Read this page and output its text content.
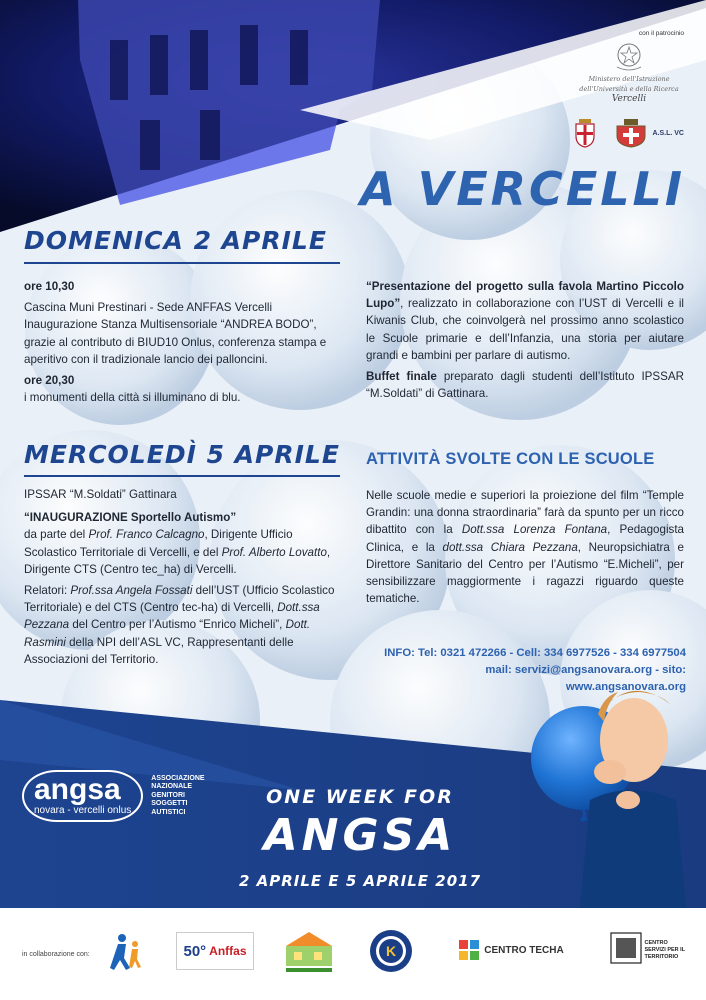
con il patrocinio
Ministero dell'Istruzione
dell'Università e della Ricerca
Vercelli
A.S.L. VC
A VERCELLI
DOMENICA 2 APRILE

ore 10,30

Cascina Muni Prestinari - Sede ANFFAS Vercelli

Inaugurazione Stanza Multisensoriale “ANDREA BODO”, grazie al contributo di BIUD10 Onlus, conferenza stampa e aperitivo con il tradizionale lancio dei palloncini.

ore 20,30

i monumenti della città si illuminano di blu.

“Presentazione del progetto sulla favola Martino Piccolo Lupo”, realizzato in collaborazione con l’UST di Vercelli e il Kiwanis Club, che coinvolgerà nel prossimo anno scolastico le Scuole primarie e dell’Infanzia, una storia per aiutare grandi e bambini per parlare di autismo.

Buffet finale preparato dagli studenti dell’Istituto IPSSAR “M.Soldati” di Gattinara.

MERCOLEDÌ 5 APRILE

IPSSAR “M.Soldati” Gattinara

“INAUGURAZIONE Sportello Autismo”

da parte del Prof. Franco Calcagno, Dirigente Ufficio Scolastico Territoriale di Vercelli, e del Prof. Alberto Lovatto, Dirigente CTS (Centro tec_ha) di Vercelli.

Relatori: Prof.ssa Angela Fossati dell’UST (Ufficio Scolastico Territoriale) e del CTS (Centro tec-ha) di Vercelli, Dott.ssa Pezzana del Centro per l’Autismo “Enrico Micheli”, Dott. Rasmini della NPI dell’ASL VC, Rappresentanti delle Associazioni del Territorio.

ATTIVITÀ SVOLTE CON LE SCUOLE

Nelle scuole medie e superiori la proiezione del film “Temple Grandin: una donna straordinaria” farà da spunto per un ricco dibattito con la Dott.ssa Lorenza Fontana, Pedagogista Clinica, e la dott.ssa Chiara Pezzana, Neuropsichiatra e Direttore Sanitario del Centro per l’Autismo “E.Micheli”, per sensibilizzare maggiormente i ragazzi riguardo queste tematiche.

INFO: Tel: 0321 472266 - Cell: 334 6977526 - 334 6977504
mail: servizi@angsanovara.org - sito: www.angsanovara.org
angsa
novara - vercelli onlus
ASSOCIAZIONE
NAZIONALE
GENITORI
SOGGETTI
AUTISTICI
ONE WEEK FOR
ANGSA
2 APRILE E 5 APRILE 2017
in collaborazione con:	50° Anffas	K	CENTRO TECHA
CENTRO SERVIZI PER IL TERRITORIO
